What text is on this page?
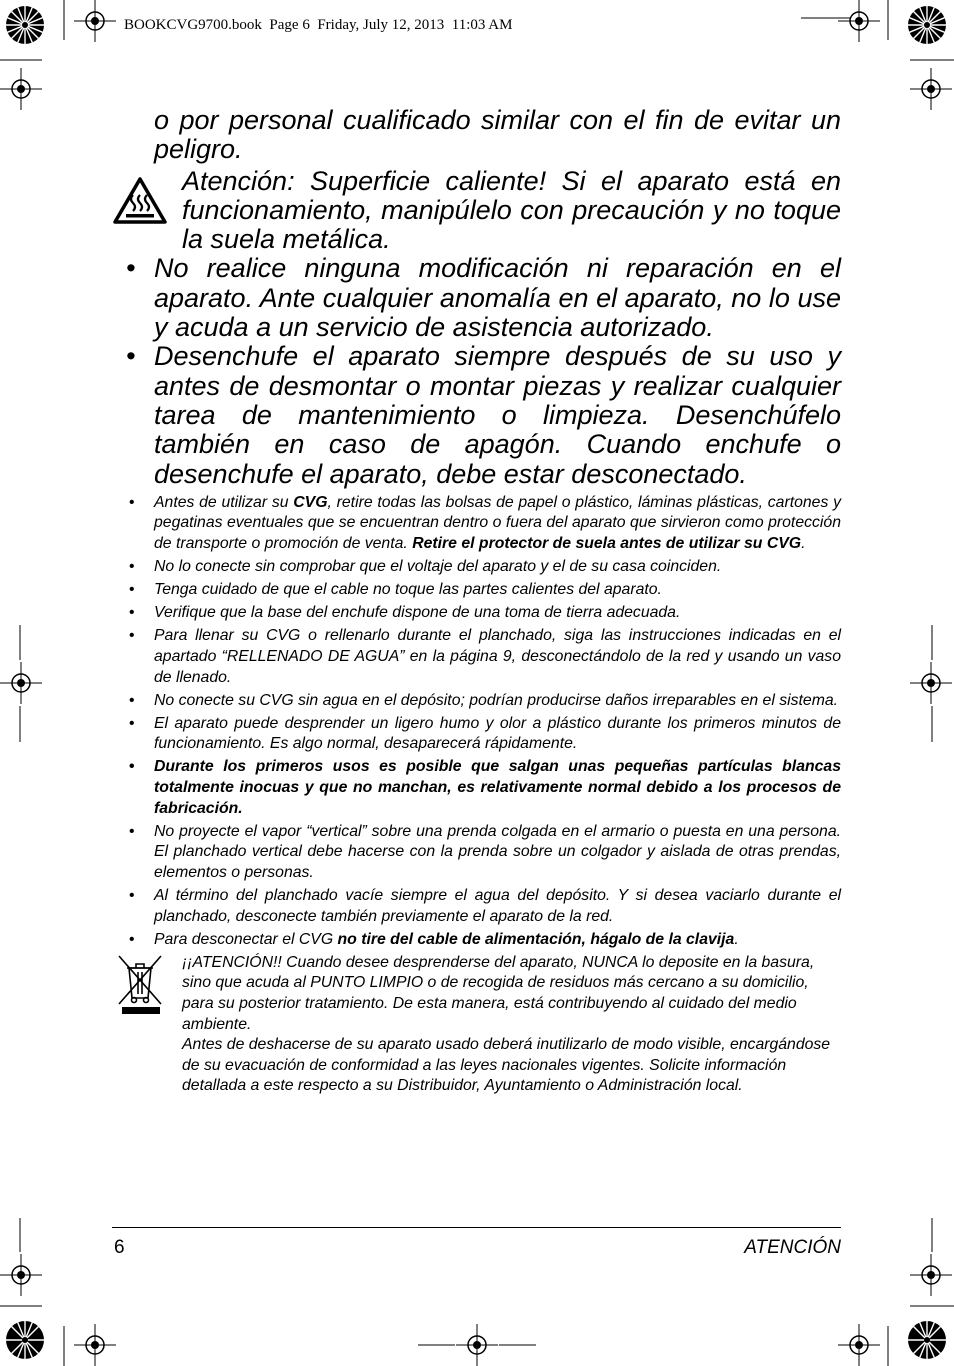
BOOKCVG9700.book  Page 6  Friday, July 12, 2013  11:03 AM

o por personal cualificado similar con el fin de evitar un peligro.

Atención: Superficie caliente! Si el aparato está en funcionamiento, manipúlelo con precaución y no toque la suela metálica.

• No realice ninguna modificación ni reparación en el aparato. Ante cualquier anomalía en el aparato, no lo use y acuda a un servicio de asistencia autorizado.

• Desenchufe el aparato siempre después de su uso y antes de desmontar o montar piezas y realizar cualquier tarea de mantenimiento o limpieza. Desenchúfelo también en caso de apagón. Cuando enchufe o desenchufe el aparato, debe estar desconectado.

• Antes de utilizar su CVG, retire todas las bolsas de papel o plástico, láminas plásticas, cartones y pegatinas eventuales que se encuentran dentro o fuera del aparato que sirvieron como protección de transporte o promoción de venta. Retire el protector de suela antes de utilizar su CVG.
• No lo conecte sin comprobar que el voltaje del aparato y el de su casa coinciden.
• Tenga cuidado de que el cable no toque las partes calientes del aparato.
• Verifique que la base del enchufe dispone de una toma de tierra adecuada.
• Para llenar su CVG o rellenarlo durante el planchado, siga las instrucciones indicadas en el apartado “RELLENADO DE AGUA” en la página 9, desconectándolo de la red y usando un vaso de llenado.
• No conecte su CVG sin agua en el depósito; podrían producirse daños irreparables en el sistema.
• El aparato puede desprender un ligero humo y olor a plástico durante los primeros minutos de funcionamiento. Es algo normal, desaparecerá rápidamente.
• Durante los primeros usos es posible que salgan unas pequeñas partículas blancas totalmente inocuas y que no manchan, es relativamente normal debido a los procesos de fabricación.
• No proyecte el vapor “vertical” sobre una prenda colgada en el armario o puesta en una persona. El planchado vertical debe hacerse con la prenda sobre un colgador y aislada de otras prendas, elementos o personas.
• Al término del planchado vacíe siempre el agua del depósito. Y si desea vaciarlo durante el planchado, desconecte también previamente el aparato de la red.
• Para desconectar el CVG no tire del cable de alimentación, hágalo de la clavija.

¡¡ATENCIÓN!! Cuando desee desprenderse del aparato, NUNCA lo deposite en la basura, sino que acuda al PUNTO LIMPIO o de recogida de residuos más cercano a su domicilio, para su posterior tratamiento. De esta manera, está contribuyendo al cuidado del medio ambiente.

Antes de deshacerse de su aparato usado deberá inutilizarlo de modo visible, encargándose de su evacuación de conformidad a las leyes nacionales vigentes. Solicite información detallada a este respecto a su Distribuidor, Ayuntamiento o Administración local.

6	ATENCIÓN
